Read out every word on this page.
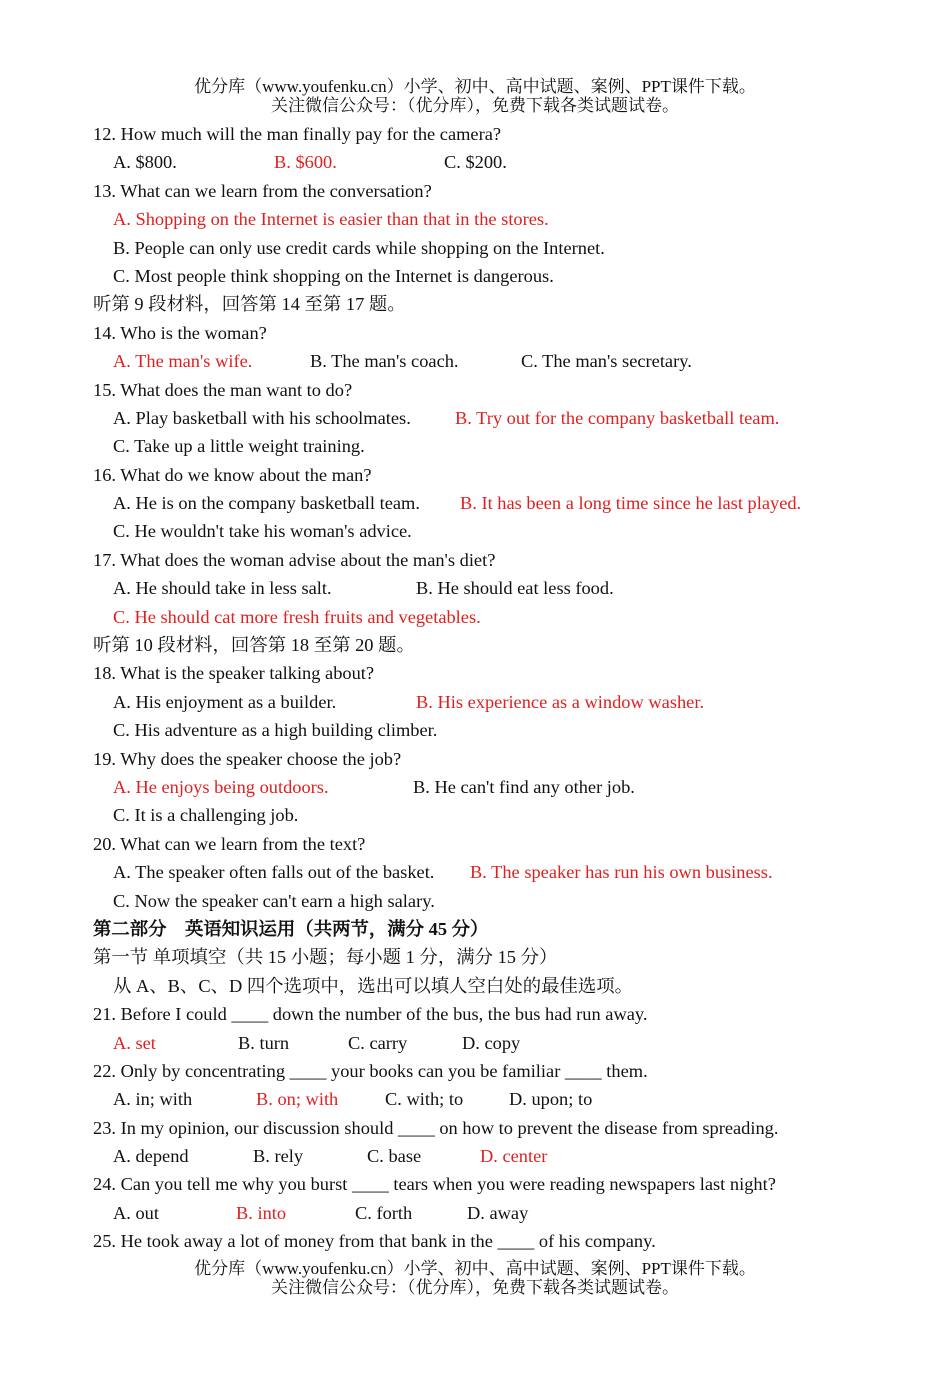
优分库（www.youfenku.cn）小学、初中、高中试题、案例、PPT课件下载。
关注微信公众号：（优分库），免费下载各类试题试卷。
12. How much will the man finally pay for the camera?
A. $800.	B. $600.	C. $200.
13. What can we learn from the conversation?
A. Shopping on the Internet is easier than that in the stores.
B. People can only use credit cards while shopping on the Internet.
C. Most people think shopping on the Internet is dangerous.
听第 9 段材料，回答第 14 至第 17 题。
14. Who is the woman?
A. The man's wife.	B. The man's coach.	C. The man's secretary.
15. What does the man want to do?
A. Play basketball with his schoolmates. B. Try out for the company basketball team.
C. Take up a little weight training.
16. What do we know about the man?
A. He is on the company basketball team. B. It has been a long time since he last played.
C. He wouldn't take his woman's advice.
17. What does the woman advise about the man's diet?
A. He should take in less salt.	B. He should eat less food.
C. He should cat more fresh fruits and vegetables.
听第 10 段材料，回答第 18 至第 20 题。
18. What is the speaker talking about?
A. His enjoyment as a builder.	B. His experience as a window washer.
C. His adventure as a high building climber.
19. Why does the speaker choose the job?
A. He enjoys being outdoors.	B. He can't find any other job.
C. It is a challenging job.
20. What can we learn from the text?
A. The speaker often falls out of the basket. B. The speaker has run his own business.
C. Now the speaker can't earn a high salary.
第二部分　英语知识运用（共两节，满分 45 分）
第一节 单项填空（共 15 小题；每小题 1 分，满分 15 分）
从 A、B、C、D 四个选项中，选出可以填人空白处的最佳选项。
21. Before I could ____ down the number of the bus, the bus had run away.
A. set	B. turn	C. carry	D. copy
22. Only by concentrating ____ your books can you be familiar ____ them.
A. in; with	B. on; with	C. with; to D. upon; to
23. In my opinion, our discussion should ____ on how to prevent the disease from spreading.
A. depend	B. rely	C. base	D. center
24. Can you tell me why you burst ____ tears when you were reading newspapers last night?
A. out	B. into	C. forth	D. away
25. He took away a lot of money from that bank in the ____ of his company.
优分库（www.youfenku.cn）小学、初中、高中试题、案例、PPT课件下载。
关注微信公众号：（优分库），免费下载各类试题试卷。
